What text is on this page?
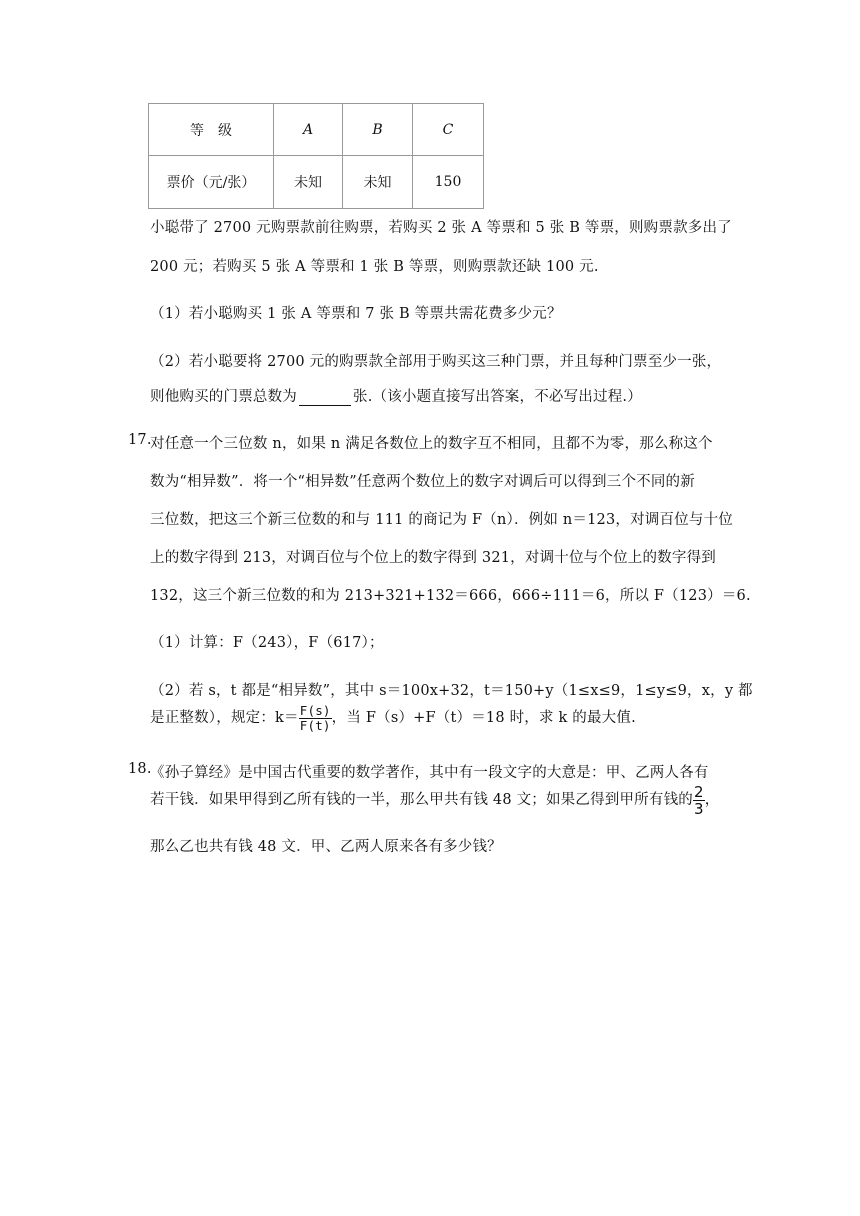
等　级	A	B	C
票价（元/张）	未知	未知	150
小聪带了 2700 元购票款前往购票，若购买 2 张 A 等票和 5 张 B 等票，则购票款多出了
200 元；若购买 5 张 A 等票和 1 张 B 等票，则购票款还缺 100 元.
（1）若小聪购买 1 张 A 等票和 7 张 B 等票共需花费多少元？
（2）若小聪要将 2700 元的购票款全部用于购买这三种门票，并且每种门票至少一张，
则他购买的门票总数为	张.（该小题直接写出答案，不必写出过程.）
17.
对任意一个三位数 n，如果 n 满足各数位上的数字互不相同，且都不为零，那么称这个
数为“相异数”．将一个“相异数”任意两个数位上的数字对调后可以得到三个不同的新
三位数，把这三个新三位数的和与 111 的商记为 F（n）．例如 n＝123，对调百位与十位
上的数字得到 213，对调百位与个位上的数字得到 321，对调十位与个位上的数字得到
132，这三个新三位数的和为 213+321+132＝666，666÷111＝6，所以 F（123）＝6.
（1）计算：F（243），F（617）；
（2）若 s，t 都是“相异数”，其中 s＝100x+32，t＝150+y（1≤x≤9，1≤y≤9，x，y 都
是正整数），规定：$k= \frac{F(s)}{F(t)}$ ，当 F（s）+F（t）＝18 时，求 k 的最大值.
18.
《孙子算经》是中国古代重要的数学著作，其中有一段文字的大意是：甲、乙两人各有
若干钱．如果甲得到乙所有钱的一半，那么甲共有钱 48 文；如果乙得到甲所有钱的 $\frac{2}{3}$ ，
那么乙也共有钱 48 文．甲、乙两人原来各有多少钱？
